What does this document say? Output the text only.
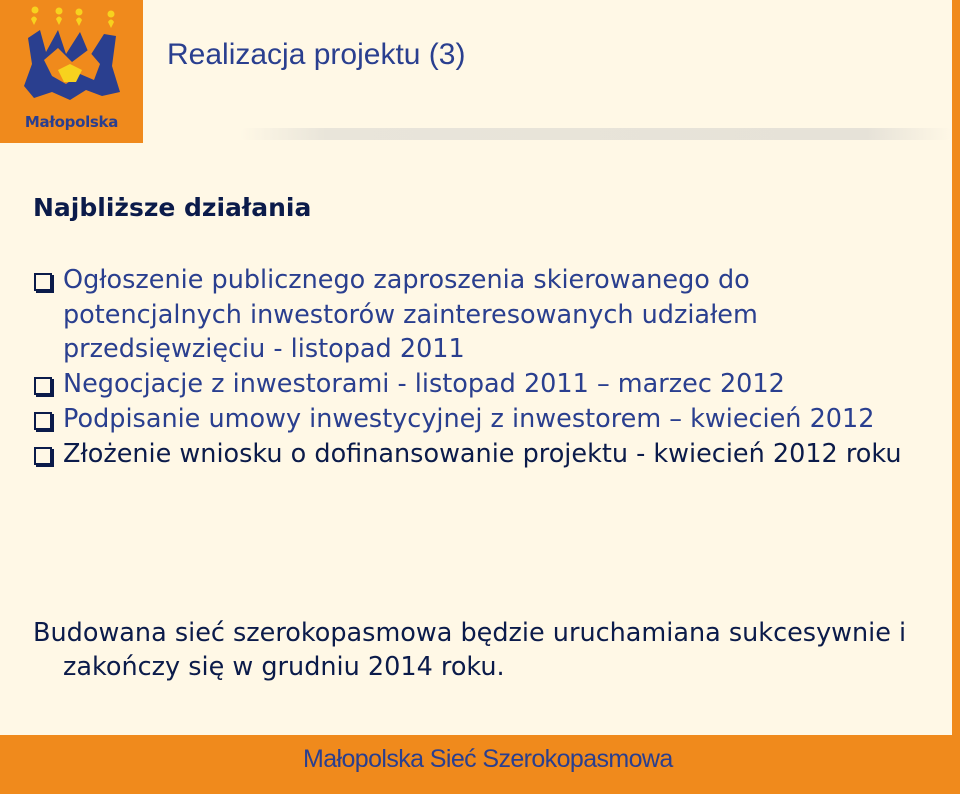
Małopolska
Realizacja projektu (3)
Najbliższe działania
Ogłoszenie publicznego zaproszenia skierowanego do potencjalnych inwestorów zainteresowanych udziałem przedsięwzięciu - listopad 2011
Negocjacje z inwestorami - listopad 2011 – marzec 2012
Podpisanie umowy inwestycyjnej z inwestorem – kwiecień 2012
Złożenie wniosku o dofinansowanie projektu - kwiecień 2012 roku

Budowana sieć szerokopasmowa będzie uruchamiana sukcesywnie i zakończy się w grudniu 2014 roku.

Małopolska Sieć Szerokopasmowa
